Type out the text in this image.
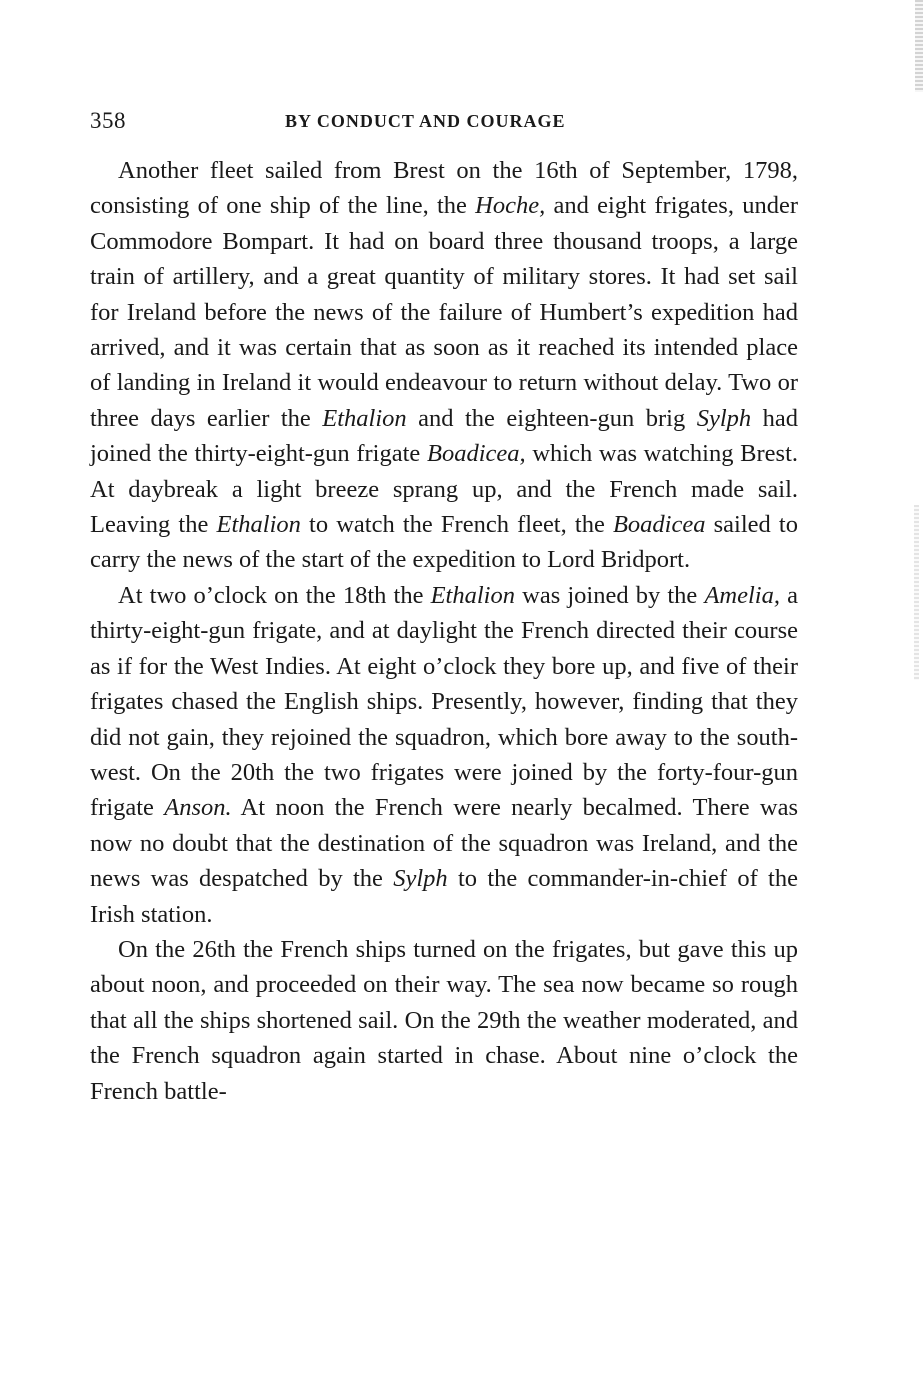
358	BY CONDUCT AND COURAGE

Another fleet sailed from Brest on the 16th of September, 1798, consisting of one ship of the line, the Hoche, and eight frigates, under Commodore Bompart. It had on board three thousand troops, a large train of artillery, and a great quantity of military stores. It had set sail for Ireland before the news of the failure of Humbert’s expedition had arrived, and it was certain that as soon as it reached its intended place of landing in Ireland it would endeavour to return without delay. Two or three days earlier the Ethalion and the eighteen-gun brig Sylph had joined the thirty-eight-gun frigate Boadicea, which was watching Brest. At daybreak a light breeze sprang up, and the French made sail. Leaving the Ethalion to watch the French fleet, the Boadicea sailed to carry the news of the start of the expedition to Lord Bridport.

At two o’clock on the 18th the Ethalion was joined by the Amelia, a thirty-eight-gun frigate, and at daylight the French directed their course as if for the West Indies. At eight o’clock they bore up, and five of their frigates chased the English ships. Presently, however, finding that they did not gain, they rejoined the squadron, which bore away to the south-west. On the 20th the two frigates were joined by the forty-four-gun frigate Anson. At noon the French were nearly becalmed. There was now no doubt that the destination of the squadron was Ireland, and the news was despatched by the Sylph to the commander-in-chief of the Irish station.

On the 26th the French ships turned on the frigates, but gave this up about noon, and proceeded on their way. The sea now became so rough that all the ships shortened sail. On the 29th the weather moderated, and the French squadron again started in chase. About nine o’clock the French battle-
